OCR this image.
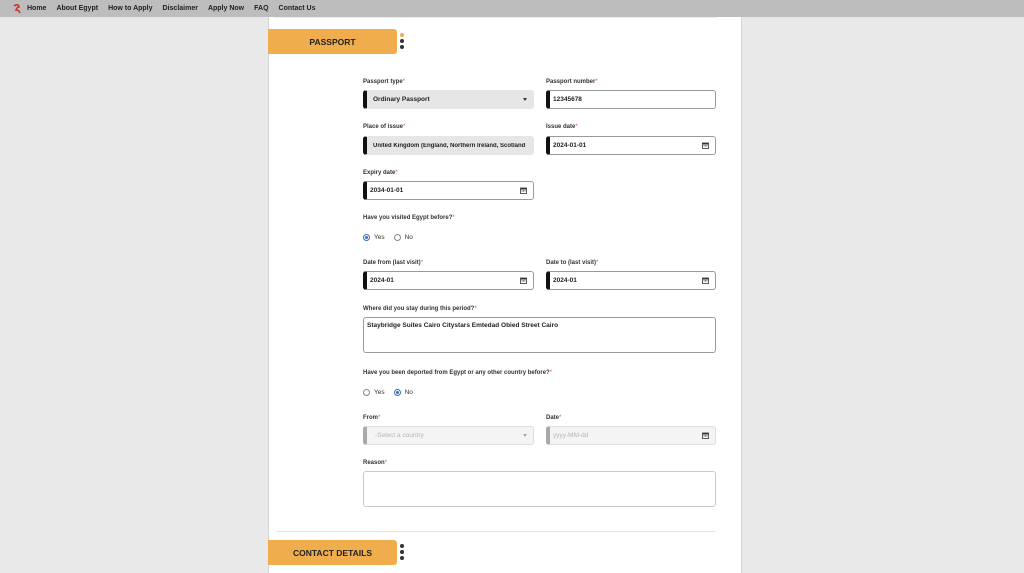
Home About Egypt How to Apply Disclaimer Apply Now FAQ Contact Us
PASSPORT
Passport type*
Ordinary Passport
Passport number*
12345678
Place of issue*
United Kingdom (England, Northern Ireland, Scotland
Issue date*
2024-01-01
Expiry date*
2034-01-01
Have you visited Egypt before?*
Yes	No
Date from (last visit)*
2024-01
Date to (last visit)*
2024-01
Where did you stay during this period?*
Staybridge Suites Cairo Citystars Emtedad Obied Street Cairo
Have you been deported from Egypt or any other country before?*
Yes	No
From*
-Select a country
Date*
yyyy-MM-dd
Reason*
CONTACT DETAILS
